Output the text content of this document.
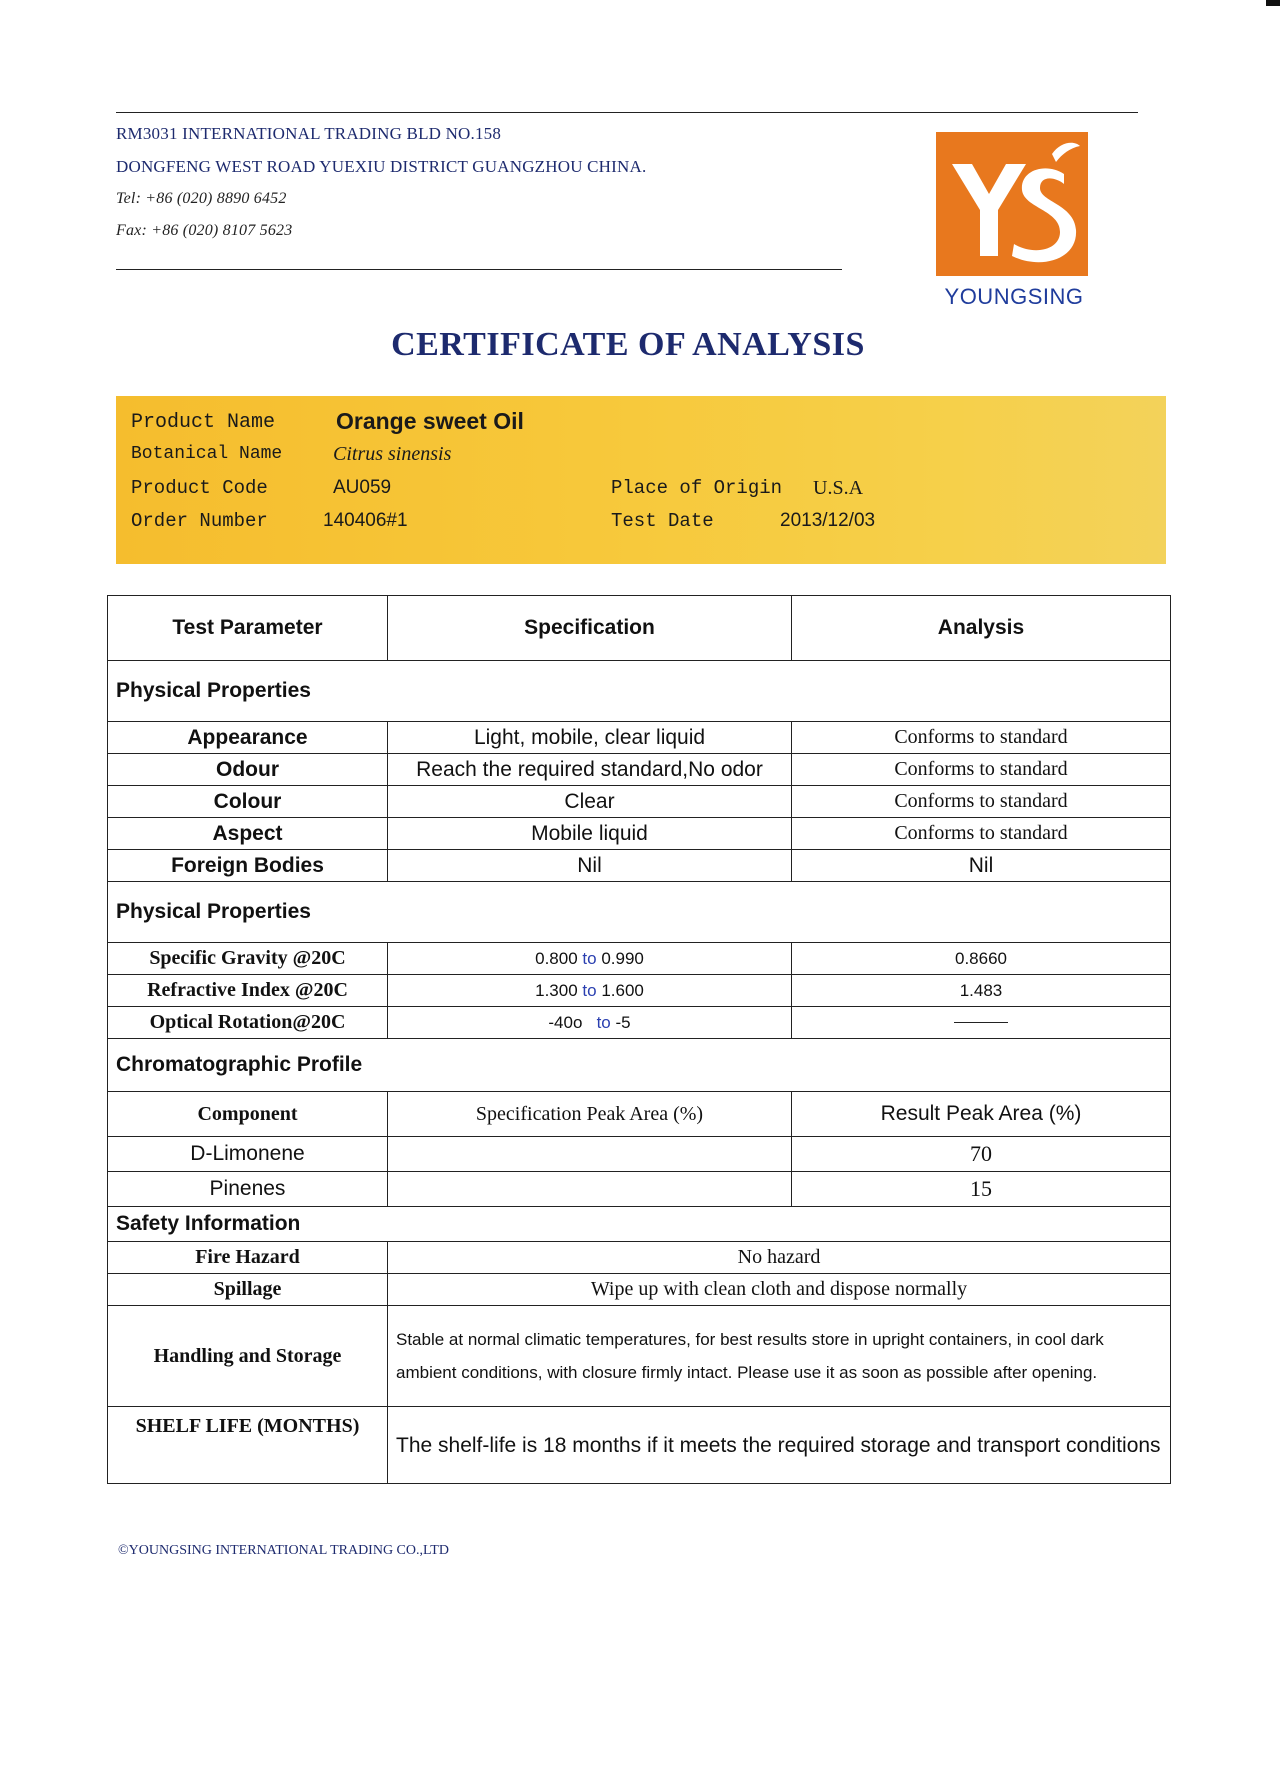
RM3031 INTERNATIONAL TRADING BLD NO.158
DONGFENG WEST ROAD YUEXIU DISTRICT GUANGZHOU CHINA.
Tel: +86 (020) 8890 6452
Fax: +86 (020) 8107 5623
YOUNGSING
CERTIFICATE OF ANALYSIS
Product Name	Orange sweet Oil
Botanical Name	Citrus sinensis
Product Code	AU059
Order Number	140406#1
Place of Origin U.S.A
Test Date	2013/12/03
Test Parameter	Specification	Analysis
Physical Properties		
Appearance	Light, mobile, clear liquid	Conforms to standard
Odour	Reach the required standard,No odor	Conforms to standard
Colour	Clear	Conforms to standard
Aspect	Mobile liquid	Conforms to standard
Foreign Bodies	Nil	Nil
Physical Properties		
Specific Gravity @20C	0.800 to 0.990	0.8660
Refractive Index @20C	1.300 to 1.600	1.483
Optical Rotation@20C	-40o to -5	
Chromatographic Profile		
Component	Specification Peak Area (%)	Result Peak Area (%)
D-Limonene		70
Pinenes		15
Safety Information		
Fire Hazard	No hazard	
Spillage	Wipe up with clean cloth and dispose normally	
Handling and Storage	Stable at normal climatic temperatures, for best results store in upright containers, in cool dark ambient conditions, with closure firmly intact. Please use it as soon as possible after opening.	
SHELF LIFE (MONTHS)	The shelf-life is 18 months if it meets the required storage and transport conditions	
©YOUNGSING INTERNATIONAL TRADING CO.,LTD
